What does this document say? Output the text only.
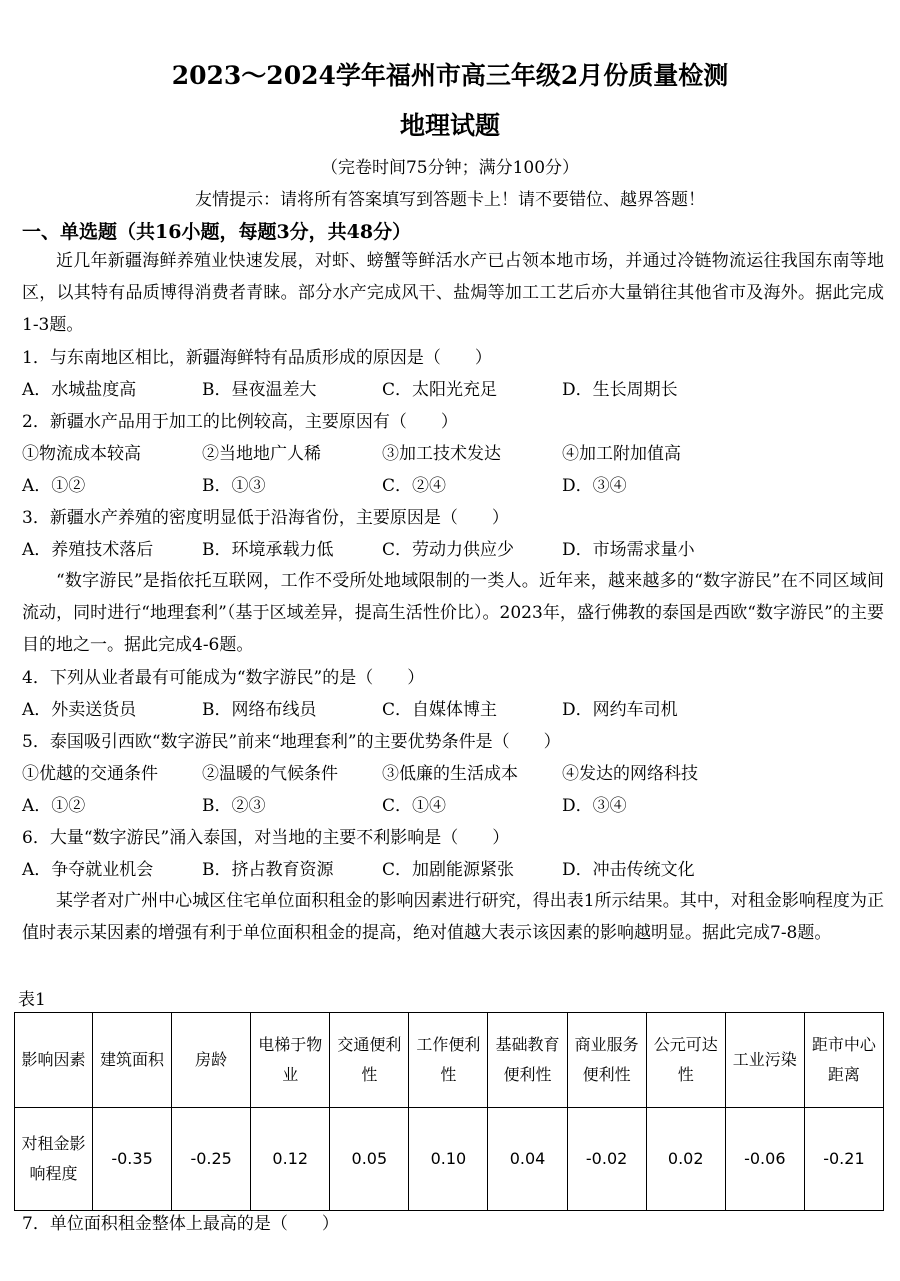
2023～2024学年福州市高三年级2月份质量检测
地理试题
（完卷时间75分钟；满分100分）
友情提示：请将所有答案填写到答题卡上！请不要错位、越界答题！
一、单选题（共16小题，每题3分，共48分）
近几年新疆海鲜养殖业快速发展，对虾、螃蟹等鲜活水产已占领本地市场，并通过冷链物流运往我国东南等地区，以其特有品质博得消费者青睐。部分水产完成风干、盐焗等加工工艺后亦大量销往其他省市及海外。据此完成1-3题。
1．与东南地区相比，新疆海鲜特有品质形成的原因是（　　）
A．水城盐度高	B．昼夜温差大	C．太阳光充足	D．生长周期长
2．新疆水产品用于加工的比例较高，主要原因有（　　）
①物流成本较高	②当地地广人稀	③加工技术发达	④加工附加值高
A．①②	B．①③	C．②④	D．③④
3．新疆水产养殖的密度明显低于沿海省份，主要原因是（　　）
A．养殖技术落后	B．环境承载力低	C．劳动力供应少	D．市场需求量小
“数字游民”是指依托互联网，工作不受所处地域限制的一类人。近年来，越来越多的“数字游民”在不同区域间流动，同时进行“地理套利”（基于区域差异，提高生活性价比）。2023年，盛行佛教的泰国是西欧“数字游民”的主要目的地之一。据此完成4-6题。
4．下列从业者最有可能成为“数字游民”的是（　　）
A．外卖送货员	B．网络布线员	C．自媒体博主	D．网约车司机
5．泰国吸引西欧“数字游民”前来“地理套利”的主要优势条件是（　　）
①优越的交通条件	②温暖的气候条件	③低廉的生活成本	④发达的网络科技
A．①②	B．②③	C．①④	D．③④
6．大量“数字游民”涌入泰国，对当地的主要不利影响是（　　）
A．争夺就业机会	B．挤占教育资源	C．加剧能源紧张	D．冲击传统文化
某学者对广州中心城区住宅单位面积租金的影响因素进行研究，得出表1所示结果。其中，对租金影响程度为正值时表示某因素的增强有利于单位面积租金的提高，绝对值越大表示该因素的影响越明显。据此完成7-8题。
表1
影响因素	建筑面积	房龄	电梯于物业	交通便利性	工作便利性	基础教育便利性	商业服务便利性	公元可达性	工业污染	距市中心距离
对租金影响程度	-0.35	-0.25	0.12	0.05	0.10	0.04	-0.02	0.02	-0.06	-0.21
7．单位面积租金整体上最高的是（　　）
